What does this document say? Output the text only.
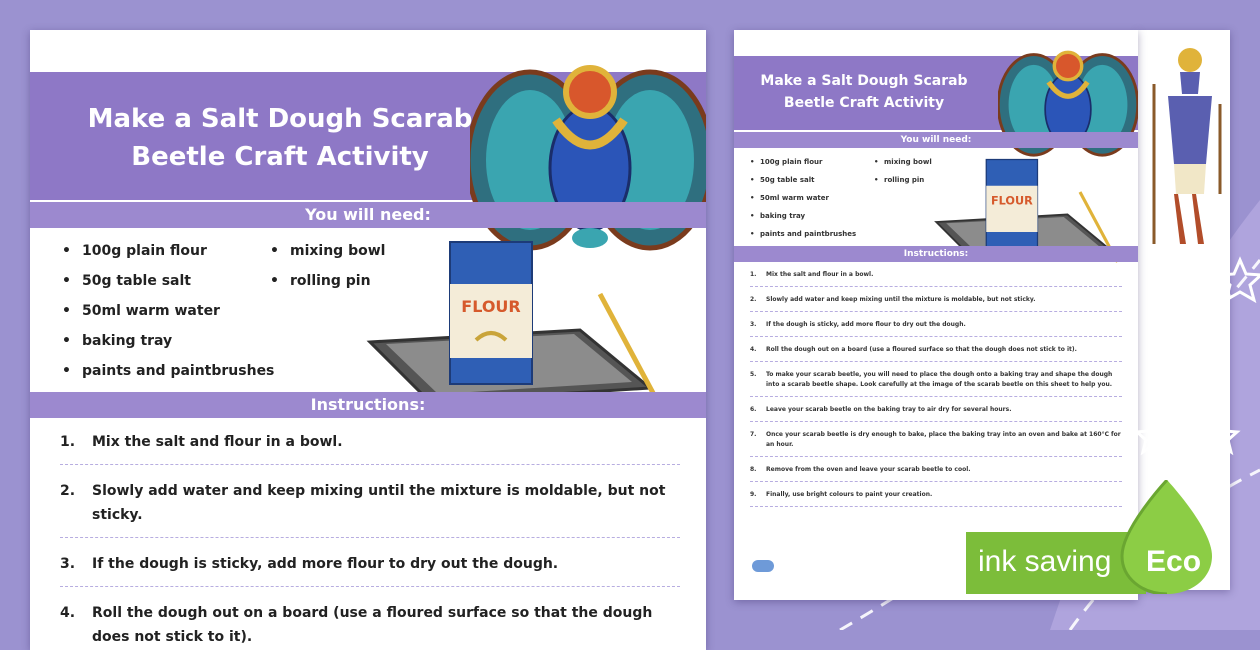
Make a Salt Dough Scarab Beetle Craft Activity
You will need:
• 100g plain flour
• 50g table salt
• 50ml warm water
• baking tray
• paints and paintbrushes
• mixing bowl
• rolling pin
FLOUR
Instructions:
1. Mix the salt and flour in a bowl.
2. Slowly add water and keep mixing until the mixture is moldable, but not sticky.
3. If the dough is sticky, add more flour to dry out the dough.
4. Roll the dough out on a board (use a floured surface so that the dough does not stick to it).
Make a Salt Dough Scarab Beetle Craft Activity
You will need:
• 100g plain flour
• 50g table salt
• 50ml warm water
• baking tray
• paints and paintbrushes
• mixing bowl
• rolling pin
FLOUR
Instructions:
1. Mix the salt and flour in a bowl.
2. Slowly add water and keep mixing until the mixture is moldable, but not sticky.
3. If the dough is sticky, add more flour to dry out the dough.
4. Roll the dough out on a board (use a floured surface so that the dough does not stick to it).
5. To make your scarab beetle, you will need to place the dough onto a baking tray and shape the dough into a scarab beetle shape. Look carefully at the image of the scarab beetle on this sheet to help you.
6. Leave your scarab beetle on the baking tray to air dry for several hours.
7. Once your scarab beetle is dry enough to bake, place the baking tray into an oven and bake at 160°C for an hour.
8. Remove from the oven and leave your scarab beetle to cool.
9. Finally, use bright colours to paint your creation.
ink saving Eco
